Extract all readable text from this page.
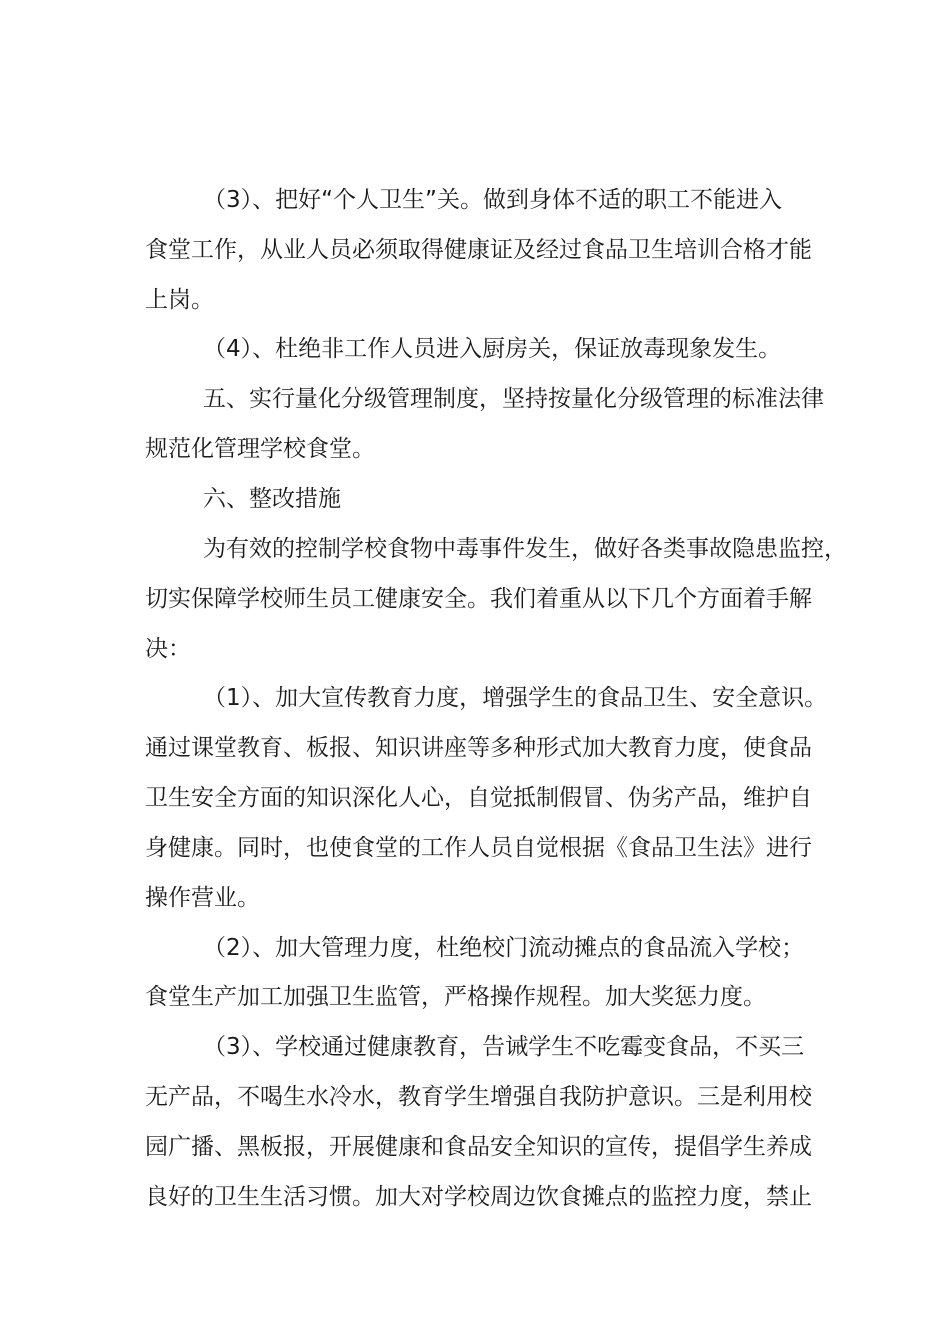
（3）、把好“个人卫生”关。做到身体不适的职工不能进入
食堂工作，从业人员必须取得健康证及经过食品卫生培训合格才能
上岗。
（4）、杜绝非工作人员进入厨房关，保证放毒现象发生。
五、实行量化分级管理制度，坚持按量化分级管理的标准法律
规范化管理学校食堂。
六、整改措施
为有效的控制学校食物中毒事件发生，做好各类事故隐患监控，
切实保障学校师生员工健康安全。我们着重从以下几个方面着手解
决：
（1）、加大宣传教育力度，增强学生的食品卫生、安全意识。
通过课堂教育、板报、知识讲座等多种形式加大教育力度，使食品
卫生安全方面的知识深化人心，自觉抵制假冒、伪劣产品，维护自
身健康。同时，也使食堂的工作人员自觉根据《食品卫生法》进行
操作营业。
（2）、加大管理力度，杜绝校门流动摊点的食品流入学校；
食堂生产加工加强卫生监管，严格操作规程。加大奖惩力度。
（3）、学校通过健康教育，告诫学生不吃霉变食品，不买三
无产品，不喝生水冷水，教育学生增强自我防护意识。三是利用校
园广播、黑板报，开展健康和食品安全知识的宣传，提倡学生养成
良好的卫生生活习惯。加大对学校周边饮食摊点的监控力度，禁止
